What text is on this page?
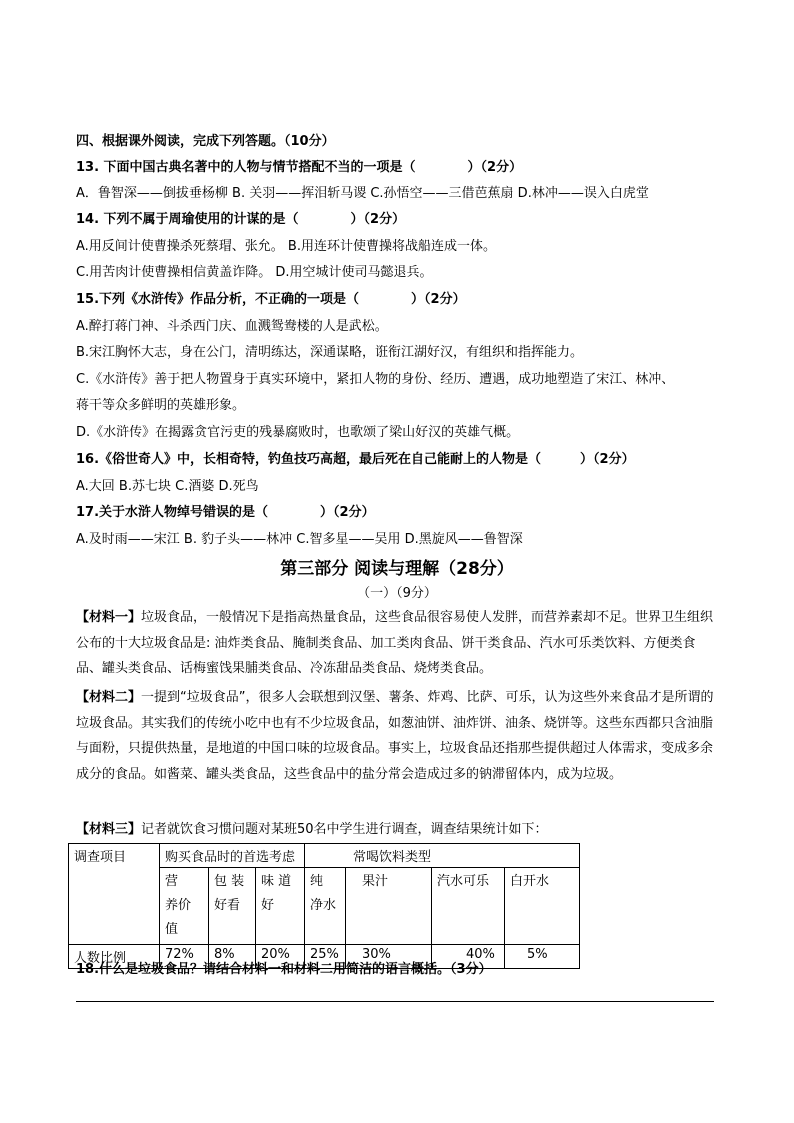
四、根据课外阅读，完成下列答题。（10分）
13. 下面中国古典名著中的人物与情节搭配不当的一项是（　　　　）（2分）
A．鲁智深——倒拔垂杨柳 B. 关羽——挥泪斩马谡 C.孙悟空——三借芭蕉扇 D.林冲——误入白虎堂
14. 下列不属于周瑜使用的计谋的是（　　　　）（2分）
A.用反间计使曹操杀死蔡瑁、张允。 B.用连环计使曹操将战船连成一体。
C.用苦肉计使曹操相信黄盖诈降。 D.用空城计使司马懿退兵。
15.下列《水浒传》作品分析，不正确的一项是（　　　　）（2分）
A.醉打蒋门神、斗杀西门庆、血溅鸳鸯楼的人是武松。
B.宋江胸怀大志，身在公门，清明练达，深通谋略，诳衔江湖好汉，有组织和指挥能力。
C.《水浒传》善于把人物置身于真实环境中，紧扣人物的身份、经历、遭遇，成功地塑造了宋江、林冲、
蒋干等众多鲜明的英雄形象。
D.《水浒传》在揭露贪官污吏的残暴腐败时，也歌颂了梁山好汉的英雄气概。
16.《俗世奇人》中，长相奇特，钓鱼技巧高超，最后死在自己能耐上的人物是（　　　）（2分）
A.大回 B.苏七块 C.酒婆 D.死鸟
17.关于水浒人物绰号错误的是（　　　　）（2分）
A.及时雨——宋江 B. 豹子头——林冲 C.智多星——吴用 D.黑旋风——鲁智深
第三部分 阅读与理解（28分）
（一）（9分）
【材料一】垃圾食品，一般情况下是指高热量食品，这些食品很容易使人发胖，而营养素却不足。世界卫生组织公布的十大垃圾食品是: 油炸类食品、腌制类食品、加工类肉食品、饼干类食品、汽水可乐类饮料、方便类食品、罐头类食品、话梅蜜饯果脯类食品、冷冻甜品类食品、烧烤类食品。
【材料二】一提到“垃圾食品”，很多人会联想到汉堡、薯条、炸鸡、比萨、可乐，认为这些外来食品才是所谓的垃圾食品。其实我们的传统小吃中也有不少垃圾食品，如葱油饼、油炸饼、油条、烧饼等。这些东西都只含油脂与面粉，只提供热量，是地道的中国口味的垃圾食品。事实上，垃圾食品还指那些提供超过人体需求，变成多余成分的食品。如酱菜、罐头类食品，这些食品中的盐分常会造成过多的钠滞留体内，成为垃圾。
【材料三】记者就饮食习惯问题对某班50名中学生进行调查，调查结果统计如下：
调查项目	购买食品时的首选考虑			常喝饮料类型			
	营　养价值	包 装好看	味 道好	纯 净水	果汁	汽水可乐	白开水
人数比例	72%	8%	20%	25%	30%	40%	5%
18.什么是垃圾食品？请结合材料一和材料二用简洁的语言概括。（3分）
